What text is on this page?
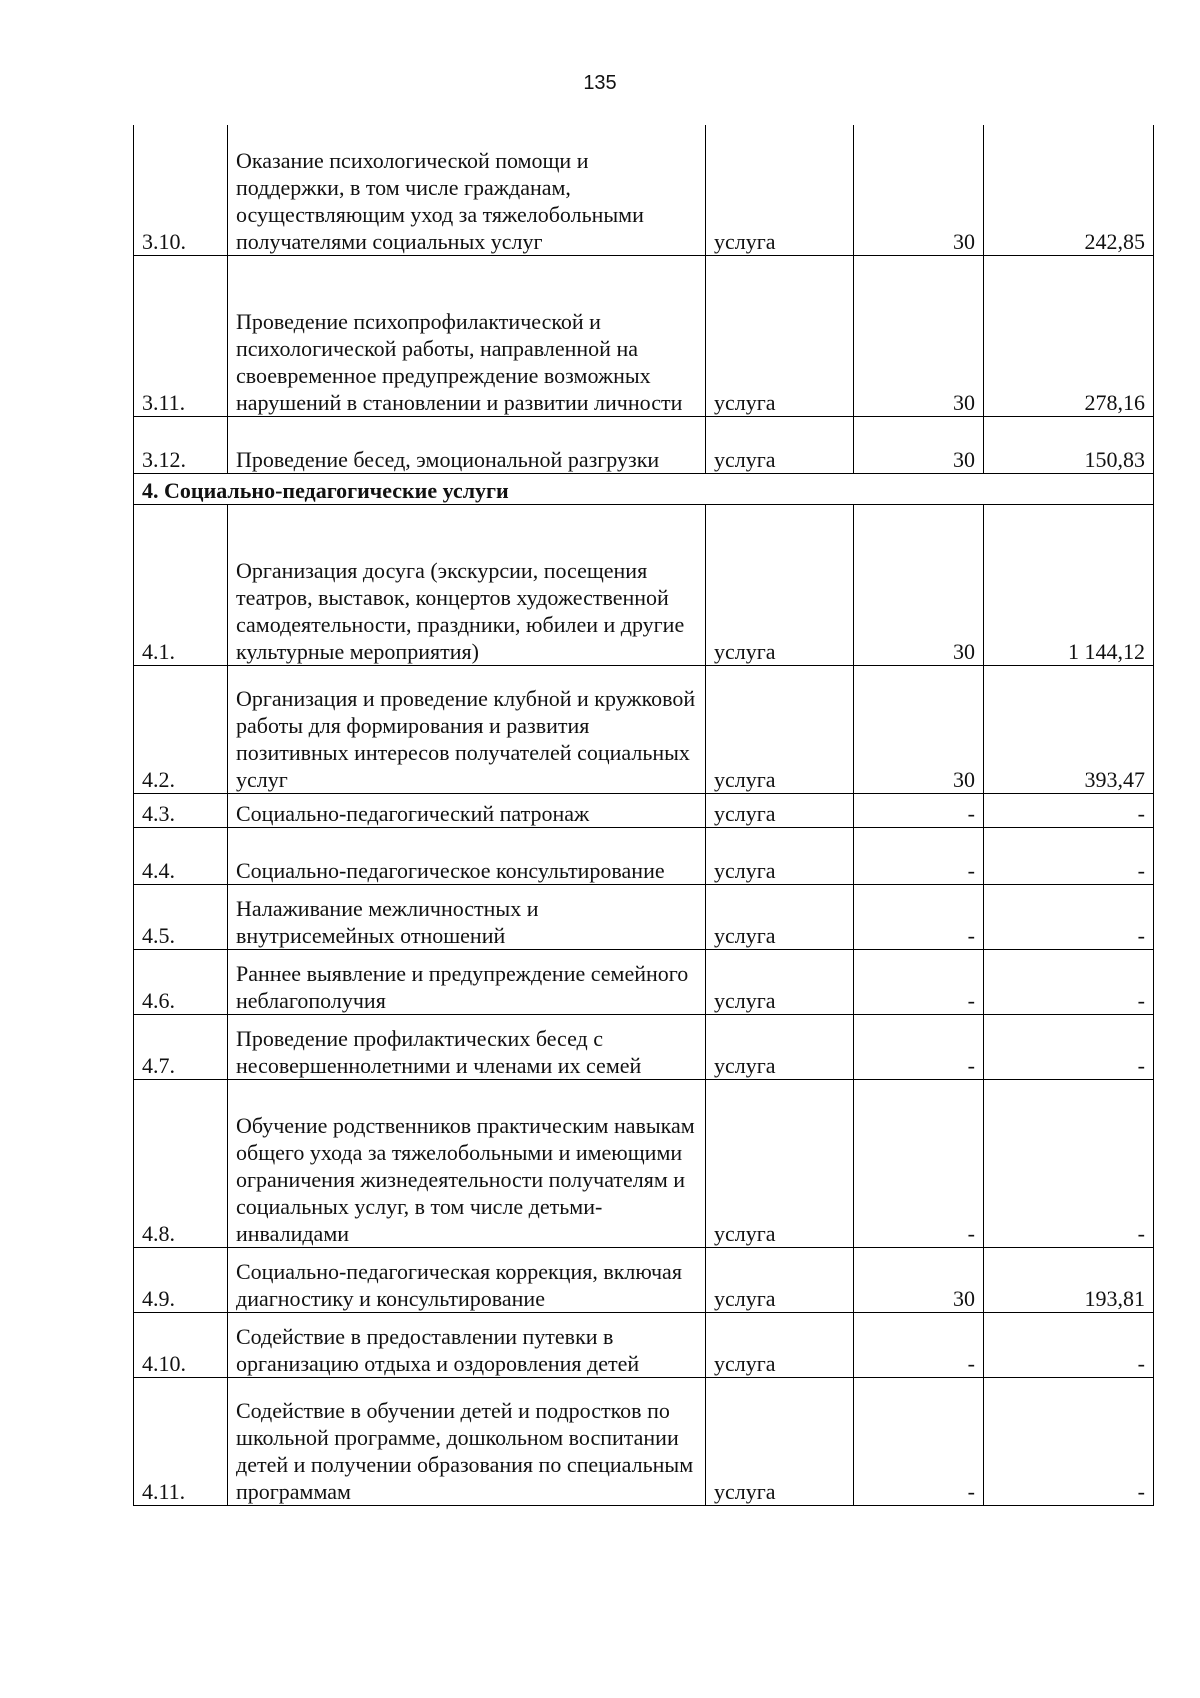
135
3.10.	Оказание психологической помощи и поддержки, в том числе гражданам, осуществляющим уход за тяжелобольными получателями социальных услуг	услуга	30	242,85
3.11.	Проведение психопрофилактической и психологической работы, направленной на своевременное предупреждение возможных нарушений в становлении и развитии личности	услуга	30	278,16
3.12.	Проведение бесед, эмоциональной разгрузки	услуга	30	150,83
4. Социально-педагогические услуги				
4.1.	Организация досуга (экскурсии, посещения театров, выставок, концертов художественной самодеятельности, праздники, юбилеи и другие культурные мероприятия)	услуга	30	1 144,12
4.2.	Организация и проведение клубной и кружковой работы для формирования и развития позитивных интересов получателей социальных услуг	услуга	30	393,47
4.3.	Социально-педагогический патронаж	услуга	-	-
4.4.	Социально-педагогическое консультирование	услуга	-	-
4.5.	Налаживание межличностных и внутрисемейных отношений	услуга	-	-
4.6.	Раннее выявление и предупреждение семейного неблагополучия	услуга	-	-
4.7.	Проведение профилактических бесед с несовершеннолетними и членами их семей	услуга	-	-
4.8.	Обучение родственников практическим навыкам общего ухода за тяжелобольными и имеющими ограничения жизнедеятельности получателям и социальных услуг, в том числе детьми-инвалидами	услуга	-	-
4.9.	Социально-педагогическая коррекция, включая диагностику и консультирование	услуга	30	193,81
4.10.	Содействие в предоставлении путевки в организацию отдыха и оздоровления детей	услуга	-	-
4.11.	Содействие в обучении детей и подростков по школьной программе, дошкольном воспитании детей и получении образования по специальным программам	услуга	-	-
